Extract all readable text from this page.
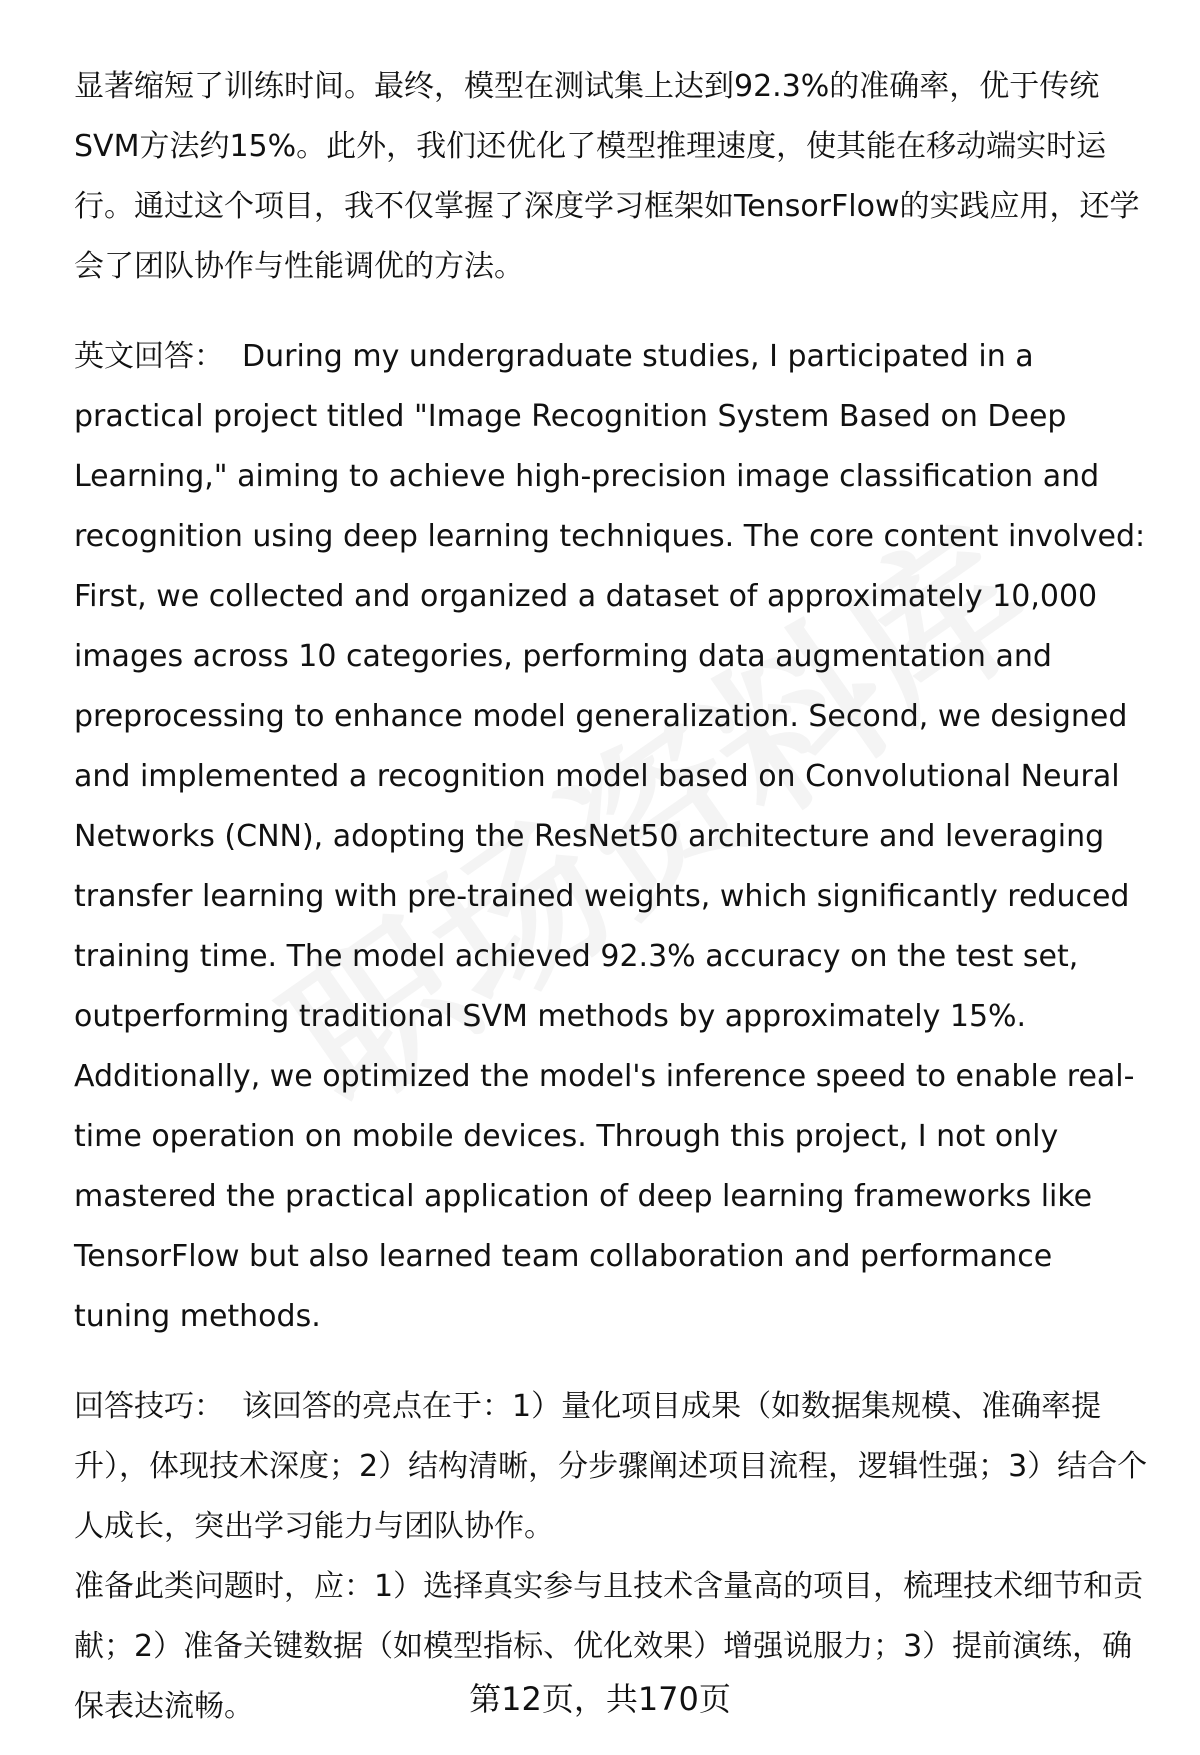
显著缩短了训练时间。最终，模型在测试集上达到92.3%的准确率，优于传统SVM方法约15%。此外，我们还优化了模型推理速度，使其能在移动端实时运行。通过这个项目，我不仅掌握了深度学习框架如TensorFlow的实践应用，还学会了团队协作与性能调优的方法。

英文回答： During my undergraduate studies, I participated in a practical project titled "Image Recognition System Based on Deep Learning," aiming to achieve high-precision image classification and recognition using deep learning techniques. The core content involved: First, we collected and organized a dataset of approximately 10,000 images across 10 categories, performing data augmentation and preprocessing to enhance model generalization. Second, we designed and implemented a recognition model based on Convolutional Neural Networks (CNN), adopting the ResNet50 architecture and leveraging transfer learning with pre-trained weights, which significantly reduced training time. The model achieved 92.3% accuracy on the test set, outperforming traditional SVM methods by approximately 15%. Additionally, we optimized the model's inference speed to enable real-time operation on mobile devices. Through this project, I not only mastered the practical application of deep learning frameworks like TensorFlow but also learned team collaboration and performance tuning methods.

回答技巧： 该回答的亮点在于：1）量化项目成果（如数据集规模、准确率提升），体现技术深度；2）结构清晰，分步骤阐述项目流程，逻辑性强；3）结合个人成长，突出学习能力与团队协作。

准备此类问题时，应：1）选择真实参与且技术含量高的项目，梳理技术细节和贡献；2）准备关键数据（如模型指标、优化效果）增强说服力；3）提前演练，确保表达流畅。	第12页，共170页
